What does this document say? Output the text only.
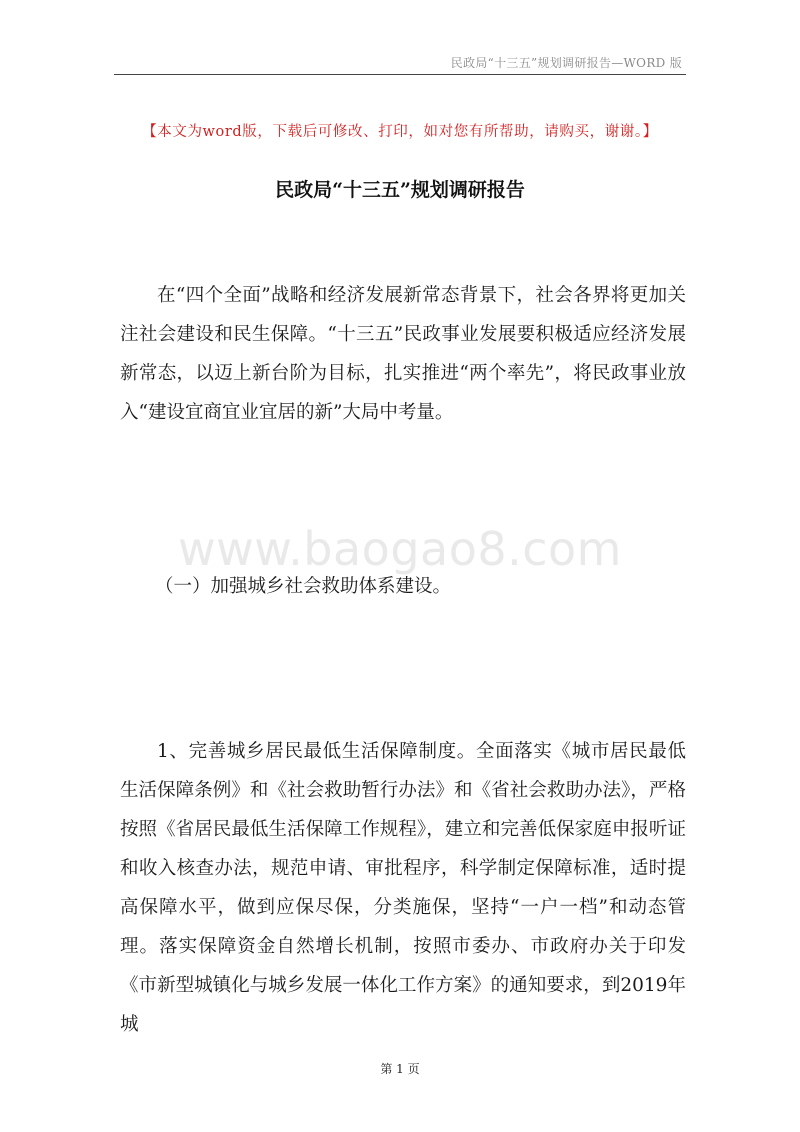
民政局“十三五”规划调研报告—WORD 版
www.baogao8.com
【本文为word版，下载后可修改、打印，如对您有所帮助，请购买，谢谢。】
民政局“十三五”规划调研报告

在“四个全面”战略和经济发展新常态背景下，社会各界将更加关注社会建设和民生保障。“十三五”民政事业发展要积极适应经济发展新常态，以迈上新台阶为目标，扎实推进“两个率先”，将民政事业放入“建设宜商宜业宜居的新”大局中考量。

（一）加强城乡社会救助体系建设。

1、完善城乡居民最低生活保障制度。全面落实《城市居民最低生活保障条例》和《社会救助暂行办法》和《省社会救助办法》，严格按照《省居民最低生活保障工作规程》，建立和完善低保家庭申报听证和收入核查办法，规范申请、审批程序，科学制定保障标准，适时提高保障水平，做到应保尽保，分类施保，坚持“一户一档”和动态管理。落实保障资金自然增长机制，按照市委办、市政府办关于印发《市新型城镇化与城乡发展一体化工作方案》的通知要求，到2019年城

第 1 页
